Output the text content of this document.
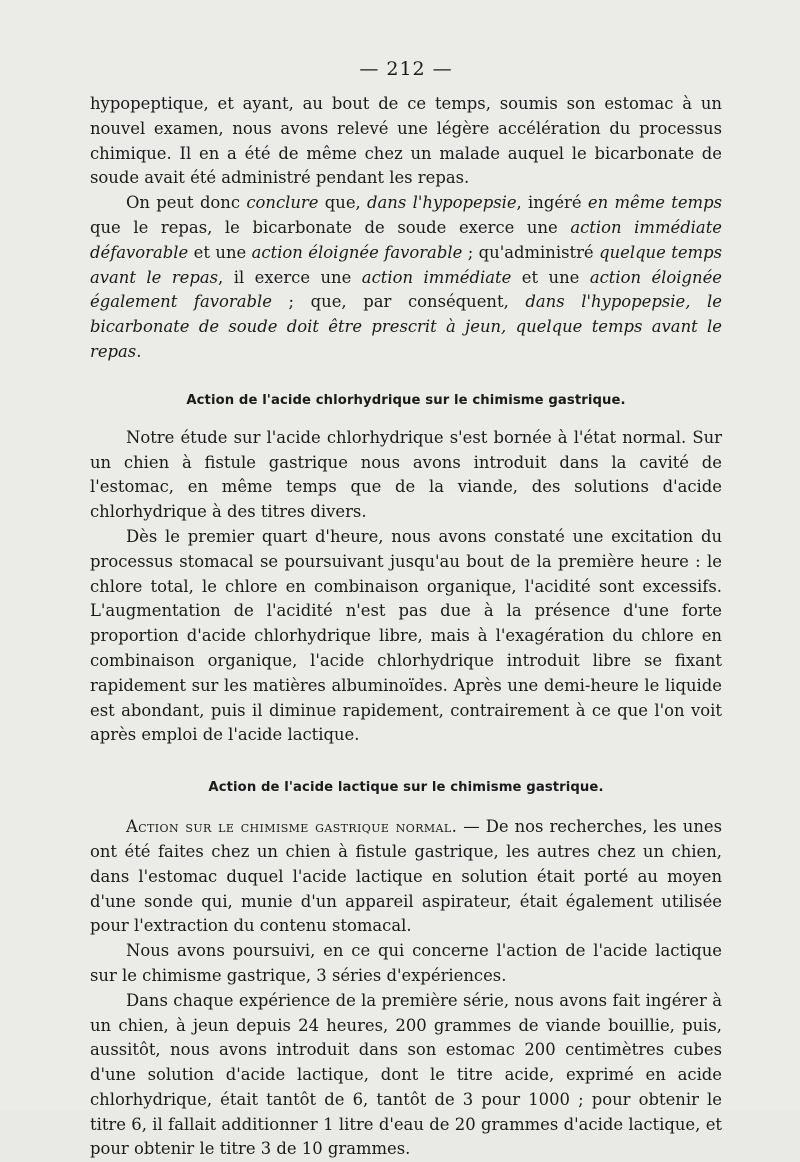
— 212 —

hypopeptique, et ayant, au bout de ce temps, soumis son estomac à un nouvel examen, nous avons relevé une légère accélération du processus chimique. Il en a été de même chez un malade auquel le bicarbonate de soude avait été administré pendant les repas.

On peut donc conclure que, dans l'hypopepsie, ingéré en même temps que le repas, le bicarbonate de soude exerce une action immédiate défavorable et une action éloignée favorable ; qu'administré quelque temps avant le repas, il exerce une action immédiate et une action éloignée également favorable ; que, par conséquent, dans l'hypopepsie, le bicarbonate de soude doit être prescrit à jeun, quelque temps avant le repas.

Action de l'acide chlorhydrique sur le chimisme gastrique.

Notre étude sur l'acide chlorhydrique s'est bornée à l'état normal. Sur un chien à fistule gastrique nous avons introduit dans la cavité de l'estomac, en même temps que de la viande, des solutions d'acide chlorhydrique à des titres divers.

Dès le premier quart d'heure, nous avons constaté une excitation du processus stomacal se poursuivant jusqu'au bout de la première heure : le chlore total, le chlore en combinaison organique, l'acidité sont excessifs. L'augmentation de l'acidité n'est pas due à la présence d'une forte proportion d'acide chlorhydrique libre, mais à l'exagération du chlore en combinaison organique, l'acide chlorhydrique introduit libre se fixant rapidement sur les matières albuminoïdes. Après une demi-heure le liquide est abondant, puis il diminue rapidement, contrairement à ce que l'on voit après emploi de l'acide lactique.

Action de l'acide lactique sur le chimisme gastrique.

Action sur le chimisme gastrique normal. — De nos recherches, les unes ont été faites chez un chien à fistule gastrique, les autres chez un chien, dans l'estomac duquel l'acide lactique en solution était porté au moyen d'une sonde qui, munie d'un appareil aspirateur, était également utilisée pour l'extraction du contenu stomacal.

Nous avons poursuivi, en ce qui concerne l'action de l'acide lactique sur le chimisme gastrique, 3 séries d'expériences.

Dans chaque expérience de la première série, nous avons fait ingérer à un chien, à jeun depuis 24 heures, 200 grammes de viande bouillie, puis, aussitôt, nous avons introduit dans son estomac 200 centimètres cubes d'une solution d'acide lactique, dont le titre acide, exprimé en acide chlorhydrique, était tantôt de 6, tantôt de 3 pour 1000 ; pour obtenir le titre 6, il fallait additionner 1 litre d'eau de 20 grammes d'acide lactique, et pour obtenir le titre 3 de 10 grammes.
